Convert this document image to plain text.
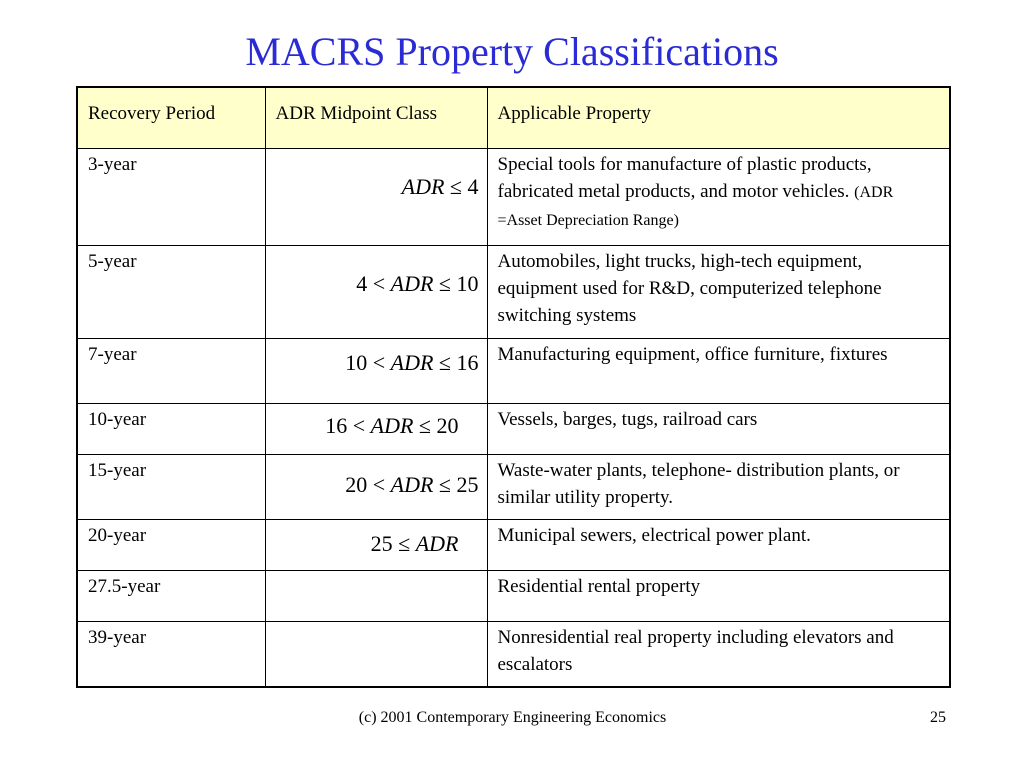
MACRS Property Classifications
Recovery Period	ADR Midpoint Class	Applicable Property
3-year	ADR ≤ 4	Special tools for manufacture of plastic products, fabricated metal products, and motor vehicles. (ADR =Asset Depreciation Range)
5-year	4 < ADR ≤ 10	Automobiles, light trucks, high-tech equipment, equipment used for R&D, computerized telephone switching systems
7-year	10 < ADR ≤ 16	Manufacturing equipment, office furniture, fixtures
10-year	16 < ADR ≤ 20	Vessels, barges, tugs, railroad cars
15-year	20 < ADR ≤ 25	Waste-water plants, telephone- distribution plants, or similar utility property.
20-year	25 ≤ ADR	Municipal sewers, electrical power plant.
27.5-year		Residential rental property
39-year		Nonresidential real property including elevators and escalators
(c) 2001 Contemporary Engineering Economics	25
